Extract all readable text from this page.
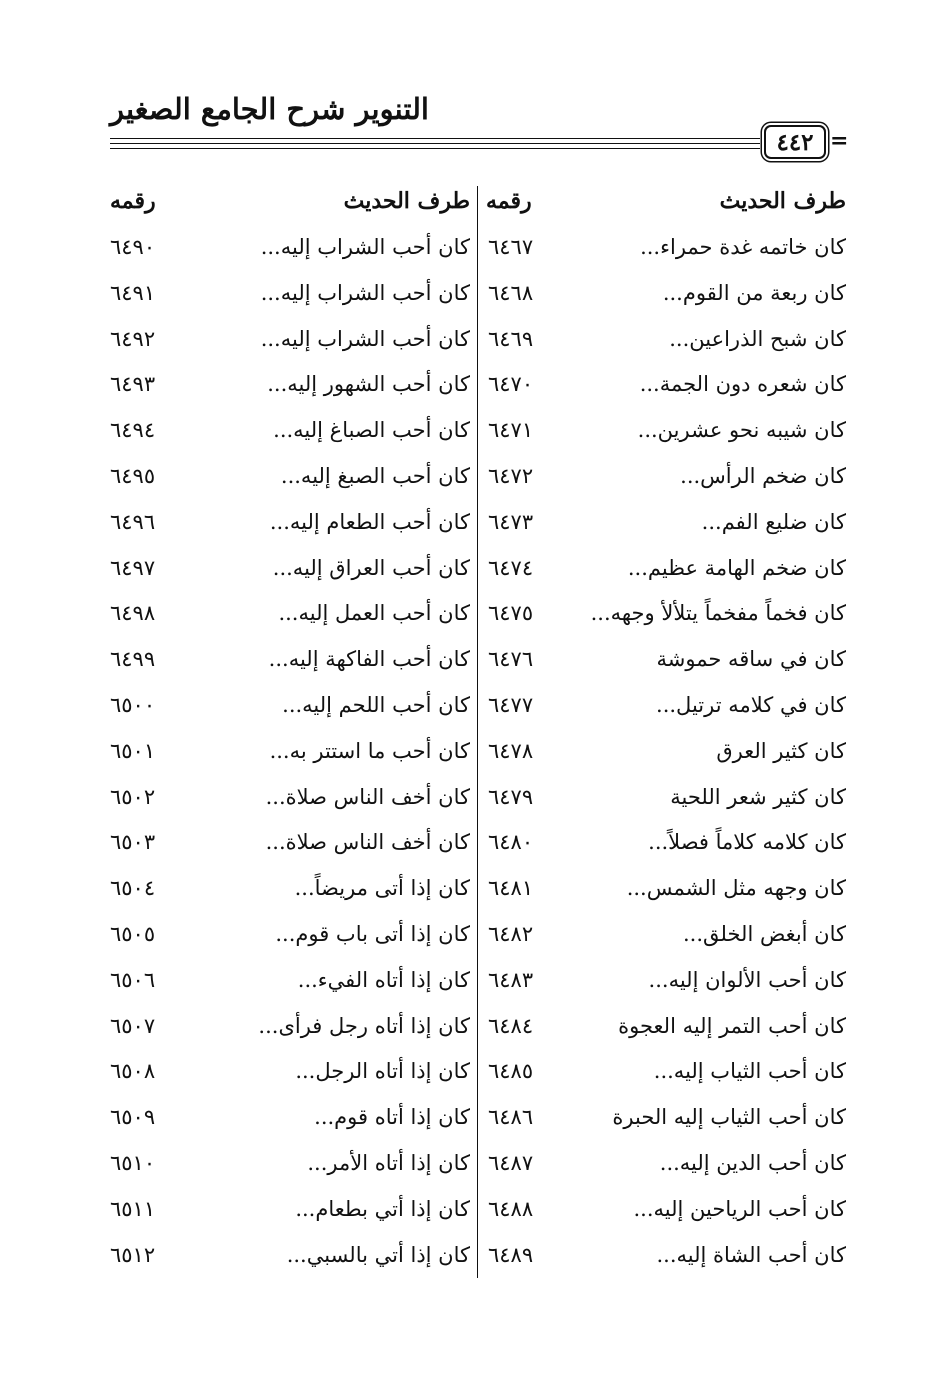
التنوير شرح الجامع الصغير
٤٤٢ =
طرف الحديث
رقمه
طرف الحديث
رقمه
كان خاتمه غدة حمراء...
٦٤٦٧
كان أحب الشراب إليه...
٦٤٩٠
كان ربعة من القوم...
٦٤٦٨
كان أحب الشراب إليه...
٦٤٩١
كان شبح الذراعين...
٦٤٦٩
كان أحب الشراب إليه...
٦٤٩٢
كان شعره دون الجمة...
٦٤٧٠
كان أحب الشهور إليه...
٦٤٩٣
كان شيبه نحو عشرين...
٦٤٧١
كان أحب الصباغ إليه...
٦٤٩٤
كان ضخم الرأس...
٦٤٧٢
كان أحب الصبغ إليه...
٦٤٩٥
كان ضليع الفم...
٦٤٧٣
كان أحب الطعام إليه...
٦٤٩٦
كان ضخم الهامة عظيم...
٦٤٧٤
كان أحب العراق إليه...
٦٤٩٧
كان فخماً مفخماً يتلألأ وجهه...
٦٤٧٥
كان أحب العمل إليه...
٦٤٩٨
كان في ساقه حموشة
٦٤٧٦
كان أحب الفاكهة إليه...
٦٤٩٩
كان في كلامه ترتيل...
٦٤٧٧
كان أحب اللحم إليه...
٦٥٠٠
كان كثير العرق
٦٤٧٨
كان أحب ما استتر به...
٦٥٠١
كان كثير شعر اللحية
٦٤٧٩
كان أخف الناس صلاة...
٦٥٠٢
كان كلامه كلاماً فصلاً...
٦٤٨٠
كان أخف الناس صلاة...
٦٥٠٣
كان وجهه مثل الشمس...
٦٤٨١
كان إذا أتى مريضاً...
٦٥٠٤
كان أبغض الخلق...
٦٤٨٢
كان إذا أتى باب قوم...
٦٥٠٥
كان أحب الألوان إليه...
٦٤٨٣
كان إذا أتاه الفيء...
٦٥٠٦
كان أحب التمر إليه العجوة
٦٤٨٤
كان إذا أتاه رجل فرأى...
٦٥٠٧
كان أحب الثياب إليه...
٦٤٨٥
كان إذا أتاه الرجل...
٦٥٠٨
كان أحب الثياب إليه الحبرة
٦٤٨٦
كان إذا أتاه قوم...
٦٥٠٩
كان أحب الدين إليه...
٦٤٨٧
كان إذا أتاه الأمر...
٦٥١٠
كان أحب الرياحين إليه...
٦٤٨٨
كان إذا أتي بطعام...
٦٥١١
كان أحب الشاة إليه...
٦٤٨٩
كان إذا أتي بالسبي...
٦٥١٢
